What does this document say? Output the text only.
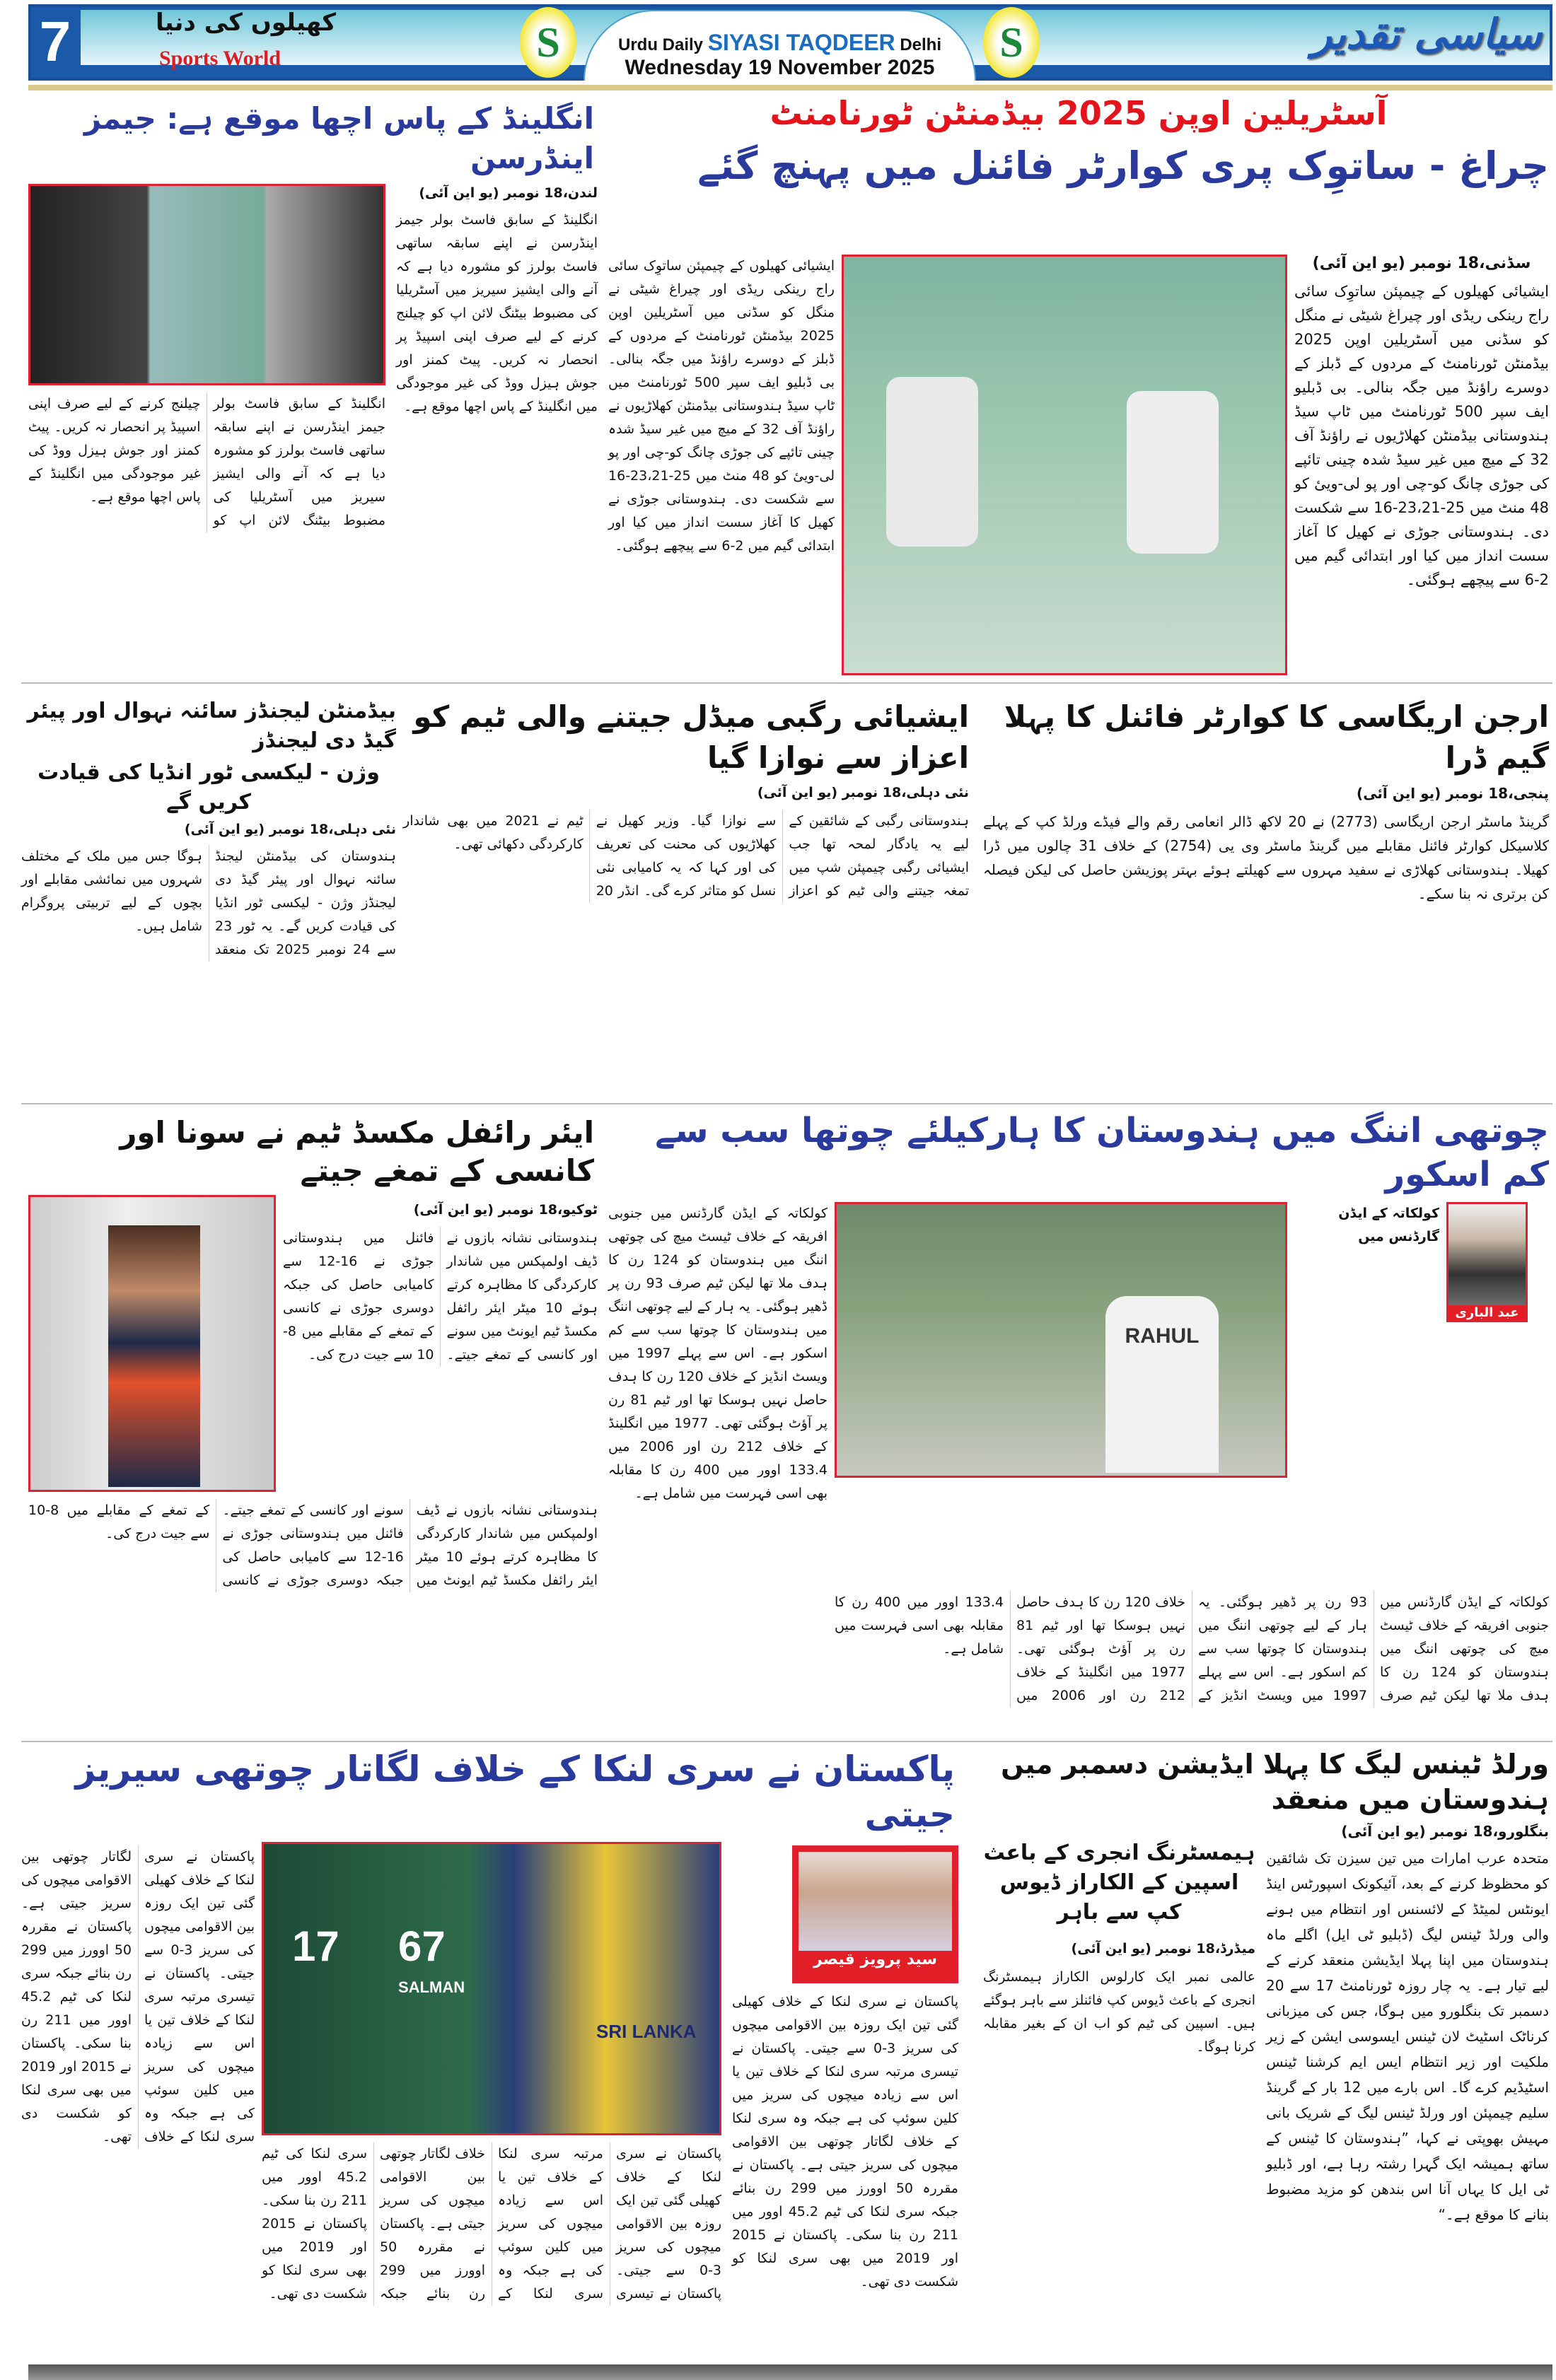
7	کھیلوں کی دنیا
Sports World	S	Urdu Daily SIYASI TAQDEER Delhi
Wednesday 19 November 2025
S	سیاسی تقدیر
آسٹریلین اوپن 2025 بیڈمنٹن ٹورنامنٹ
چراغ - ساتوِک پری کوارٹر فائنل میں پہنچ گئے
سڈنی،18 نومبر (یو این آئی)
ایشیائی کھیلوں کے چیمپئن ساتوِک سائی راج رینکی ریڈی اور چیراغ شیٹی نے منگل کو سڈنی میں آسٹریلین اوپن 2025 بیڈمنٹن ٹورنامنٹ کے مردوں کے ڈبلز کے دوسرے راؤنڈ میں جگہ بنالی۔ بی ڈبلیو ایف سپر 500 ٹورنامنٹ میں ٹاپ سیڈ ہندوستانی بیڈمنٹن کھلاڑیوں نے راؤنڈ آف 32 کے میچ میں غیر سیڈ شدہ چینی تائپے کی جوڑی چانگ کو-چی اور پو لی-وییٔ کو 48 منٹ میں 25-23،21-16 سے شکست دی۔ ہندوستانی جوڑی نے کھیل کا آغاز سست انداز میں کیا اور ابتدائی گیم میں 2-6 سے پیچھے ہوگئی۔
ایشیائی کھیلوں کے چیمپئن ساتوِک سائی راج رینکی ریڈی اور چیراغ شیٹی نے منگل کو سڈنی میں آسٹریلین اوپن 2025 بیڈمنٹن ٹورنامنٹ کے مردوں کے ڈبلز کے دوسرے راؤنڈ میں جگہ بنالی۔ بی ڈبلیو ایف سپر 500 ٹورنامنٹ میں ٹاپ سیڈ ہندوستانی بیڈمنٹن کھلاڑیوں نے راؤنڈ آف 32 کے میچ میں غیر سیڈ شدہ چینی تائپے کی جوڑی چانگ کو-چی اور پو لی-وییٔ کو 48 منٹ میں 25-23،21-16 سے شکست دی۔ ہندوستانی جوڑی نے کھیل کا آغاز سست انداز میں کیا اور ابتدائی گیم میں 2-6 سے پیچھے ہوگئی۔
انگلینڈ کے پاس اچھا موقع ہے: جیمز اینڈرسن
لندن،18 نومبر (یو این آئی)
انگلینڈ کے سابق فاسٹ بولر جیمز اینڈرسن نے اپنے سابقہ ساتھی فاسٹ بولرز کو مشورہ دیا ہے کہ آنے والی ایشیز سیریز میں آسٹریلیا کی مضبوط بیٹنگ لائن اپ کو چیلنج کرنے کے لیے صرف اپنی اسپیڈ پر انحصار نہ کریں۔ پیٹ کمنز اور جوش ہیزل ووڈ کی غیر موجودگی میں انگلینڈ کے پاس اچھا موقع ہے۔
انگلینڈ کے سابق فاسٹ بولر جیمز اینڈرسن نے اپنے سابقہ ساتھی فاسٹ بولرز کو مشورہ دیا ہے کہ آنے والی ایشیز سیریز میں آسٹریلیا کی مضبوط بیٹنگ لائن اپ کو چیلنج کرنے کے لیے صرف اپنی اسپیڈ پر انحصار نہ کریں۔ پیٹ کمنز اور جوش ہیزل ووڈ کی غیر موجودگی میں انگلینڈ کے پاس اچھا موقع ہے۔
ارجن اریگاسی کا کوارٹر فائنل کا پہلا گیم ڈرا
پنجی،18 نومبر (یو این آئی)
گرینڈ ماسٹر ارجن اریگاسی (2773) نے 20 لاکھ ڈالر انعامی رقم والے فیڈے ورلڈ کپ کے پہلے کلاسیکل کوارٹر فائنل مقابلے میں گرینڈ ماسٹر وی یی (2754) کے خلاف 31 چالوں میں ڈرا کھیلا۔ ہندوستانی کھلاڑی نے سفید مہروں سے کھیلتے ہوئے بہتر پوزیشن حاصل کی لیکن فیصلہ کن برتری نہ بنا سکے۔
ایشیائی رگبی میڈل جیتنے والی ٹیم کو اعزاز سے نوازا گیا
نئی دہلی،18 نومبر (یو این آئی)
ہندوستانی رگبی کے شائقین کے لیے یہ یادگار لمحہ تھا جب ایشیائی رگبی چیمپئن شپ میں تمغہ جیتنے والی ٹیم کو اعزاز سے نوازا گیا۔ وزیر کھیل نے کھلاڑیوں کی محنت کی تعریف کی اور کہا کہ یہ کامیابی نئی نسل کو متاثر کرے گی۔ انڈر 20 ٹیم نے 2021 میں بھی شاندار کارکردگی دکھائی تھی۔
بیڈمنٹن لیجنڈز سائنہ نہوال اور پیئر گیڈ دی لیجنڈز
وژن - لیکسی ٹور انڈیا کی قیادت کریں گے
نئی دہلی،18 نومبر (یو این آئی)
ہندوستان کی بیڈمنٹن لیجنڈ سائنہ نہوال اور پیئر گیڈ دی لیجنڈز وژن - لیکسی ٹور انڈیا کی قیادت کریں گے۔ یہ ٹور 23 سے 24 نومبر 2025 تک منعقد ہوگا جس میں ملک کے مختلف شہروں میں نمائشی مقابلے اور بچوں کے لیے تربیتی پروگرام شامل ہیں۔
چوتھی اننگ میں ہندوستان کا ہارکیلئے چوتھا سب سے کم اسکور
عبد الباری
کولکاتہ کے ایڈن گارڈنس میں
RAHUL
کولکاتہ کے ایڈن گارڈنس میں جنوبی افریقہ کے خلاف ٹیسٹ میچ کی چوتھی اننگ میں ہندوستان کو 124 رن کا ہدف ملا تھا لیکن ٹیم صرف 93 رن پر ڈھیر ہوگئی۔ یہ ہار کے لیے چوتھی اننگ میں ہندوستان کا چوتھا سب سے کم اسکور ہے۔ اس سے پہلے 1997 میں ویسٹ انڈیز کے خلاف 120 رن کا ہدف حاصل نہیں ہوسکا تھا اور ٹیم 81 رن پر آؤٹ ہوگئی تھی۔ 1977 میں انگلینڈ کے خلاف 212 رن اور 2006 میں 133.4 اوور میں 400 رن کا مقابلہ بھی اسی فہرست میں شامل ہے۔
کولکاتہ کے ایڈن گارڈنس میں جنوبی افریقہ کے خلاف ٹیسٹ میچ کی چوتھی اننگ میں ہندوستان کو 124 رن کا ہدف ملا تھا لیکن ٹیم صرف 93 رن پر ڈھیر ہوگئی۔ یہ ہار کے لیے چوتھی اننگ میں ہندوستان کا چوتھا سب سے کم اسکور ہے۔ اس سے پہلے 1997 میں ویسٹ انڈیز کے خلاف 120 رن کا ہدف حاصل نہیں ہوسکا تھا اور ٹیم 81 رن پر آؤٹ ہوگئی تھی۔ 1977 میں انگلینڈ کے خلاف 212 رن اور 2006 میں 133.4 اوور میں 400 رن کا مقابلہ بھی اسی فہرست میں شامل ہے۔
ایئر رائفل مکسڈ ٹیم نے سونا اور کانسی کے تمغے جیتے
ٹوکیو،18 نومبر (یو این آئی)
ہندوستانی نشانہ بازوں نے ڈیف اولمپکس میں شاندار کارکردگی کا مظاہرہ کرتے ہوئے 10 میٹر ایئر رائفل مکسڈ ٹیم ایونٹ میں سونے اور کانسی کے تمغے جیتے۔ فائنل میں ہندوستانی جوڑی نے 16-12 سے کامیابی حاصل کی جبکہ دوسری جوڑی نے کانسی کے تمغے کے مقابلے میں 8-10 سے جیت درج کی۔
ہندوستانی نشانہ بازوں نے ڈیف اولمپکس میں شاندار کارکردگی کا مظاہرہ کرتے ہوئے 10 میٹر ایئر رائفل مکسڈ ٹیم ایونٹ میں سونے اور کانسی کے تمغے جیتے۔ فائنل میں ہندوستانی جوڑی نے 16-12 سے کامیابی حاصل کی جبکہ دوسری جوڑی نے کانسی کے تمغے کے مقابلے میں 8-10 سے جیت درج کی۔
پاکستان نے سری لنکا کے خلاف لگاتار چوتھی سیریز جیتی
سید پرویز قیصر
پاکستان نے سری لنکا کے خلاف کھیلی گئی تین ایک روزہ بین الاقوامی میچوں کی سریز 3-0 سے جیتی۔ پاکستان نے تیسری مرتبہ سری لنکا کے خلاف تین یا اس سے زیادہ میچوں کی سریز میں کلین سوئپ کی ہے جبکہ وہ سری لنکا کے خلاف لگاتار چوتھی بین الاقوامی میچوں کی سریز جیتی ہے۔ پاکستان نے مقررہ 50 اوورز میں 299 رن بنائے جبکہ سری لنکا کی ٹیم 45.2 اوور میں 211 رن بنا سکی۔ پاکستان نے 2015 اور 2019 میں بھی سری لنکا کو شکست دی تھی۔
17 67
SALMAN
SRI LANKA
پاکستان نے سری لنکا کے خلاف کھیلی گئی تین ایک روزہ بین الاقوامی میچوں کی سریز 3-0 سے جیتی۔ پاکستان نے تیسری مرتبہ سری لنکا کے خلاف تین یا اس سے زیادہ میچوں کی سریز میں کلین سوئپ کی ہے جبکہ وہ سری لنکا کے خلاف لگاتار چوتھی بین الاقوامی میچوں کی سریز جیتی ہے۔ پاکستان نے مقررہ 50 اوورز میں 299 رن بنائے جبکہ سری لنکا کی ٹیم 45.2 اوور میں 211 رن بنا سکی۔ پاکستان نے 2015 اور 2019 میں بھی سری لنکا کو شکست دی تھی۔
پاکستان نے سری لنکا کے خلاف کھیلی گئی تین ایک روزہ بین الاقوامی میچوں کی سریز 3-0 سے جیتی۔ پاکستان نے تیسری مرتبہ سری لنکا کے خلاف تین یا اس سے زیادہ میچوں کی سریز میں کلین سوئپ کی ہے جبکہ وہ سری لنکا کے خلاف لگاتار چوتھی بین الاقوامی میچوں کی سریز جیتی ہے۔ پاکستان نے مقررہ 50 اوورز میں 299 رن بنائے جبکہ سری لنکا کی ٹیم 45.2 اوور میں 211 رن بنا سکی۔ پاکستان نے 2015 اور 2019 میں بھی سری لنکا کو شکست دی تھی۔
ورلڈ ٹینس لیگ کا پہلا ایڈیشن دسمبر میں ہندوستان میں منعقد
بنگلورو،18 نومبر (یو این آئی)
متحدہ عرب امارات میں تین سیزن تک شائقین کو محظوظ کرنے کے بعد، آئیکونک اسپورٹس اینڈ ایونٹس لمیٹڈ کے لائسنس اور انتظام میں ہونے والی ورلڈ ٹینس لیگ (ڈبلیو ٹی ایل) اگلے ماہ ہندوستان میں اپنا پہلا ایڈیشن منعقد کرنے کے لیے تیار ہے۔ یہ چار روزہ ٹورنامنٹ 17 سے 20 دسمبر تک بنگلورو میں ہوگا، جس کی میزبانی کرناٹک اسٹیٹ لان ٹینس ایسوسی ایشن کے زیر ملکیت اور زیر انتظام ایس ایم کرشنا ٹینس اسٹیڈیم کرے گا۔ اس بارے میں 12 بار کے گرینڈ سلیم چیمپئن اور ورلڈ ٹینس لیگ کے شریک بانی مہیش بھوپتی نے کہا، ”ہندوستان کا ٹینس کے ساتھ ہمیشہ ایک گہرا رشتہ رہا ہے، اور ڈبلیو ٹی ایل کا یہاں آنا اس بندھن کو مزید مضبوط بنانے کا موقع ہے۔“
ہیمسٹرنگ انجری کے باعث اسپین کے الکاراز ڈیوس کپ سے باہر
میڈرڈ،18 نومبر (یو این آئی)
عالمی نمبر ایک کارلوس الکاراز ہیمسٹرنگ انجری کے باعث ڈیوس کپ فائنلز سے باہر ہوگئے ہیں۔ اسپین کی ٹیم کو اب ان کے بغیر مقابلہ کرنا ہوگا۔
